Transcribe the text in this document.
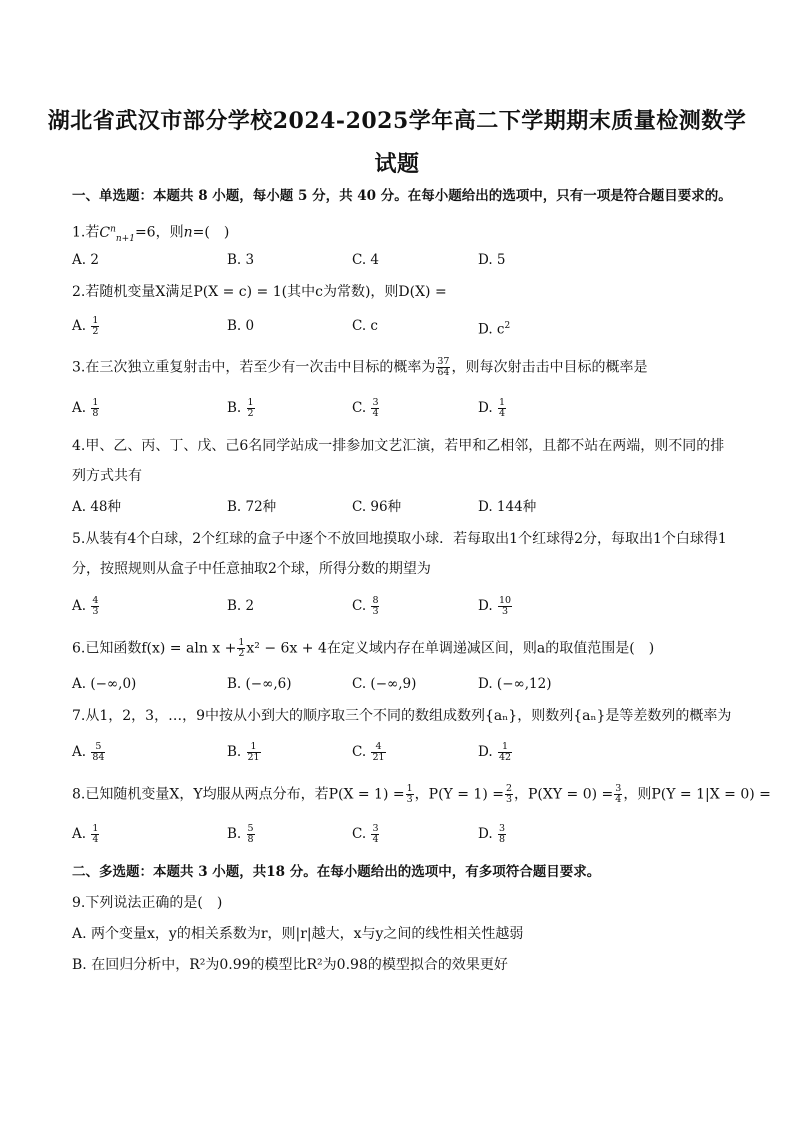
湖北省武汉市部分学校2024-2025学年高二下学期期末质量检测数学
试题
一、单选题：本题共 8 小题，每小题 5 分，共 40 分。在每小题给出的选项中，只有一项是符合题目要求的。
1.若$C^n_{n+1}=6$，则n=(　)
A. 2	B. 3	C. 4	D. 5
2.若随机变量X满足P(X = c) = 1(其中c为常数)，则D(X) =
A. $\frac{1}{2}$	B. 0	C. c	D. $c^2$
3.在三次独立重复射击中，若至少有一次击中目标的概率为 $\frac{37}{64}$ ，则每次射击击中目标的概率是
A. $\frac{1}{8}$	B. $\frac{1}{2}$	C. $\frac{3}{4}$	D. $\frac{1}{4}$
4.甲、乙、丙、丁、戊、己6名同学站成一排参加文艺汇演，若甲和乙相邻，且都不站在两端，则不同的排
列方式共有
A. 48种	B. 72种	C. 96种	D. 144种
5.从装有4个白球，2个红球的盒子中逐个不放回地摸取小球．若每取出1个红球得2分，每取出1个白球得1
分，按照规则从盒子中任意抽取2个球，所得分数的期望为
A. $\frac{4}{3}$	B. 2	C. $\frac{8}{3}$	D. $\frac{10}{3}$
6.已知函数f(x) = aln $x + \frac{1}{2} x^2 - 6x + 4$在定义域内存在单调递减区间，则a的取值范围是(　)
A. (−∞,0)	B. (−∞,6)	C. (−∞,9)	D. (−∞,12)
7.从1，2，3，…，9中按从小到大的顺序取三个不同的数组成数列{aₙ}，则数列{aₙ}是等差数列的概率为
A. $\frac{5}{84}$	B. $\frac{1}{21}$	C. $\frac{4}{21}$	D. $\frac{1}{42}$
8.已知随机变量X，Y均服从两点分布，若$P(X = 1) = \frac{1}{3}$ ，$P(Y = 1) = \frac{2}{3}$ ，$P(XY = 0) = \frac{3}{4}$ ，则P(Y = 1|X = 0) =
A. $\frac{1}{4}$	B. $\frac{5}{8}$	C. $\frac{3}{4}$	D. $\frac{3}{8}$
二、多选题：本题共 3 小题，共18 分。在每小题给出的选项中，有多项符合题目要求。
9.下列说法正确的是(　)
A. 两个变量x，y的相关系数为r，则|r|越大，x与y之间的线性相关性越弱
B. 在回归分析中，R²为0.99的模型比R²为0.98的模型拟合的效果更好
